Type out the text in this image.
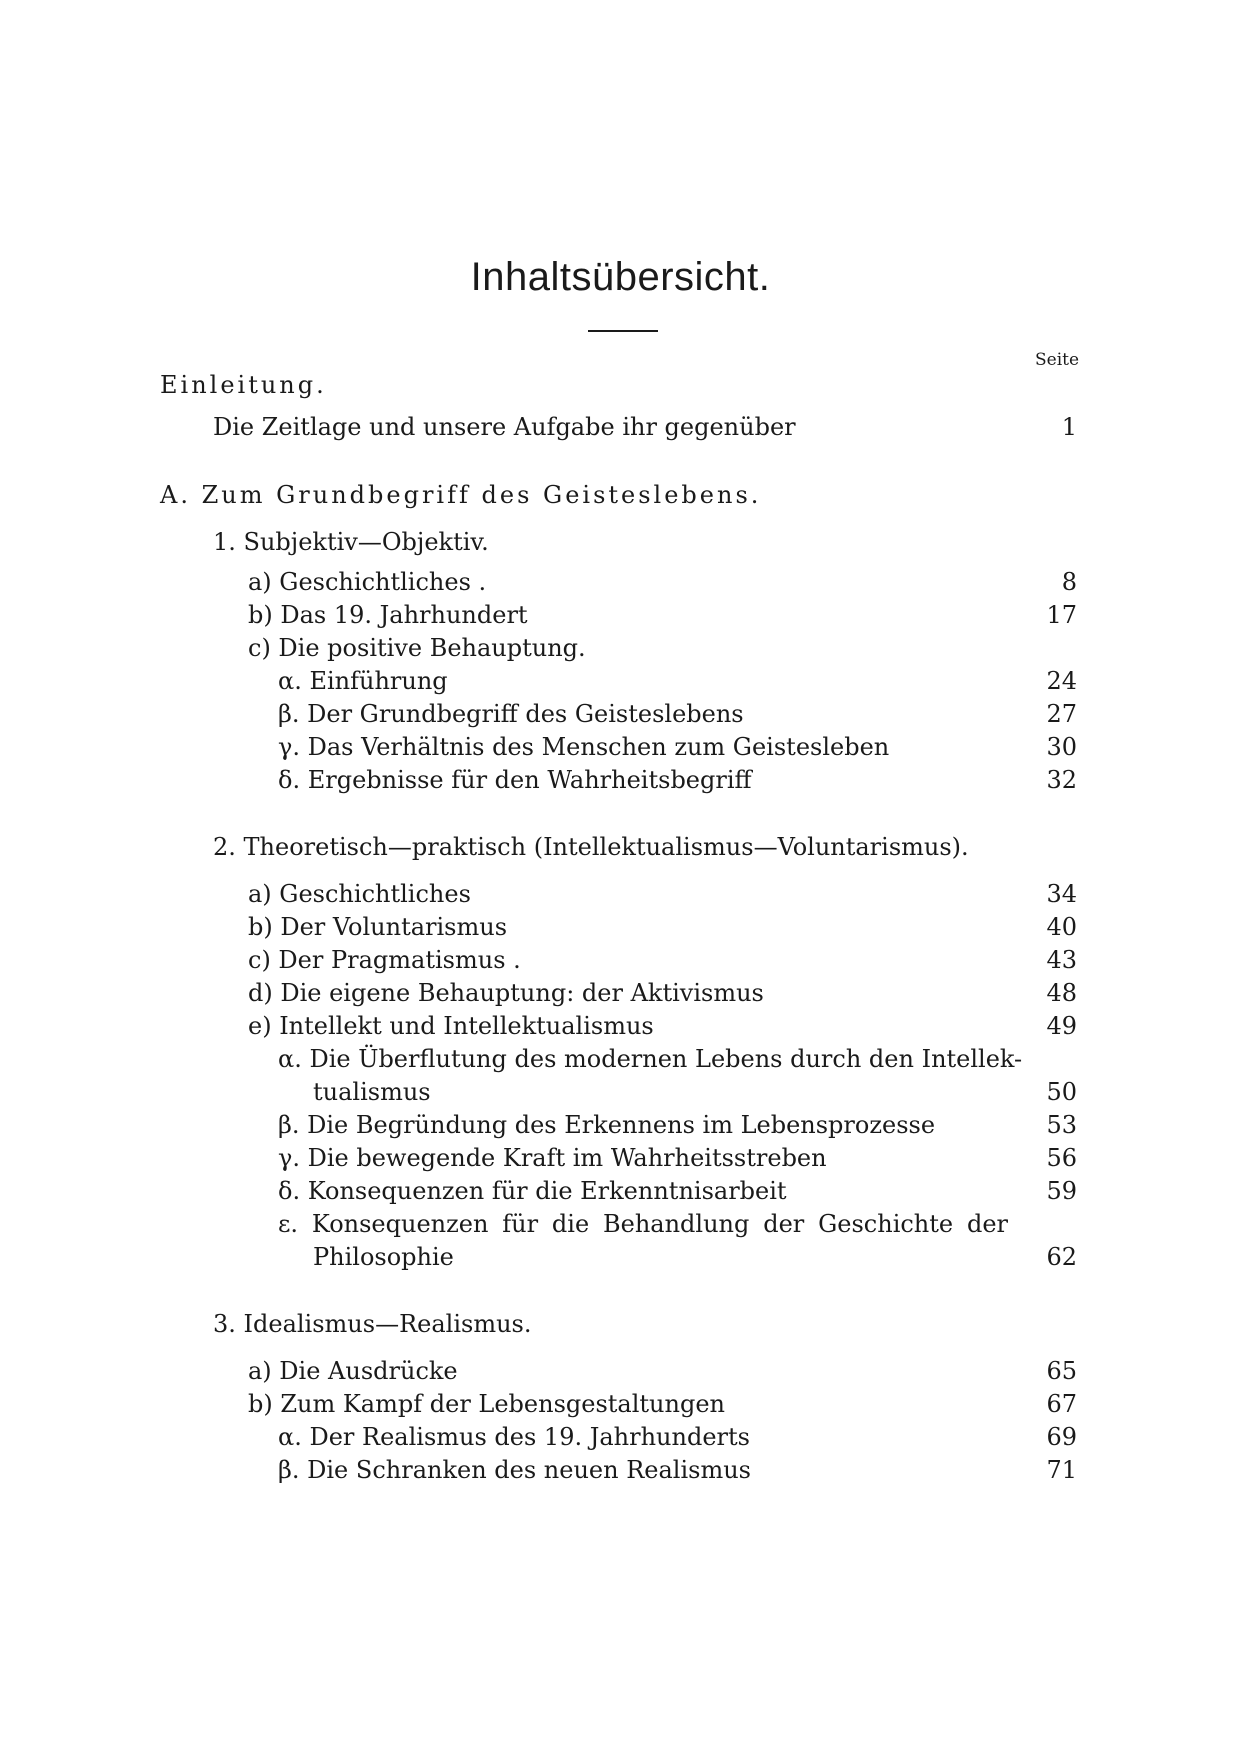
Inhaltsübersicht.
Seite
Einleitung.
Die Zeitlage und unsere Aufgabe ihr gegenüber	1
A. Zum Grundbegriff des Geisteslebens.
1. Subjektiv—Objektiv.
a) Geschichtliches .	8
b) Das 19. Jahrhundert	17
c) Die positive Behauptung.
α. Einführung	24
β. Der Grundbegriff des Geisteslebens	27
γ. Das Verhältnis des Menschen zum Geistesleben	30
δ. Ergebnisse für den Wahrheitsbegriff	32
2. Theoretisch—praktisch (Intellektualismus—Voluntarismus).
a) Geschichtliches	34
b) Der Voluntarismus	40
c) Der Pragmatismus .	43
d) Die eigene Behauptung: der Aktivismus	48
e) Intellekt und Intellektualismus	49
α. Die Überflutung des modernen Lebens durch den Intellek-
tualismus	50
β. Die Begründung des Erkennens im Lebensprozesse	53
γ. Die bewegende Kraft im Wahrheitsstreben	56
δ. Konsequenzen für die Erkenntnisarbeit	59
ε. Konsequenzen für die Behandlung der Geschichte der
Philosophie	62
3. Idealismus—Realismus.
a) Die Ausdrücke	65
b) Zum Kampf der Lebensgestaltungen	67
α. Der Realismus des 19. Jahrhunderts	69
β. Die Schranken des neuen Realismus	71
